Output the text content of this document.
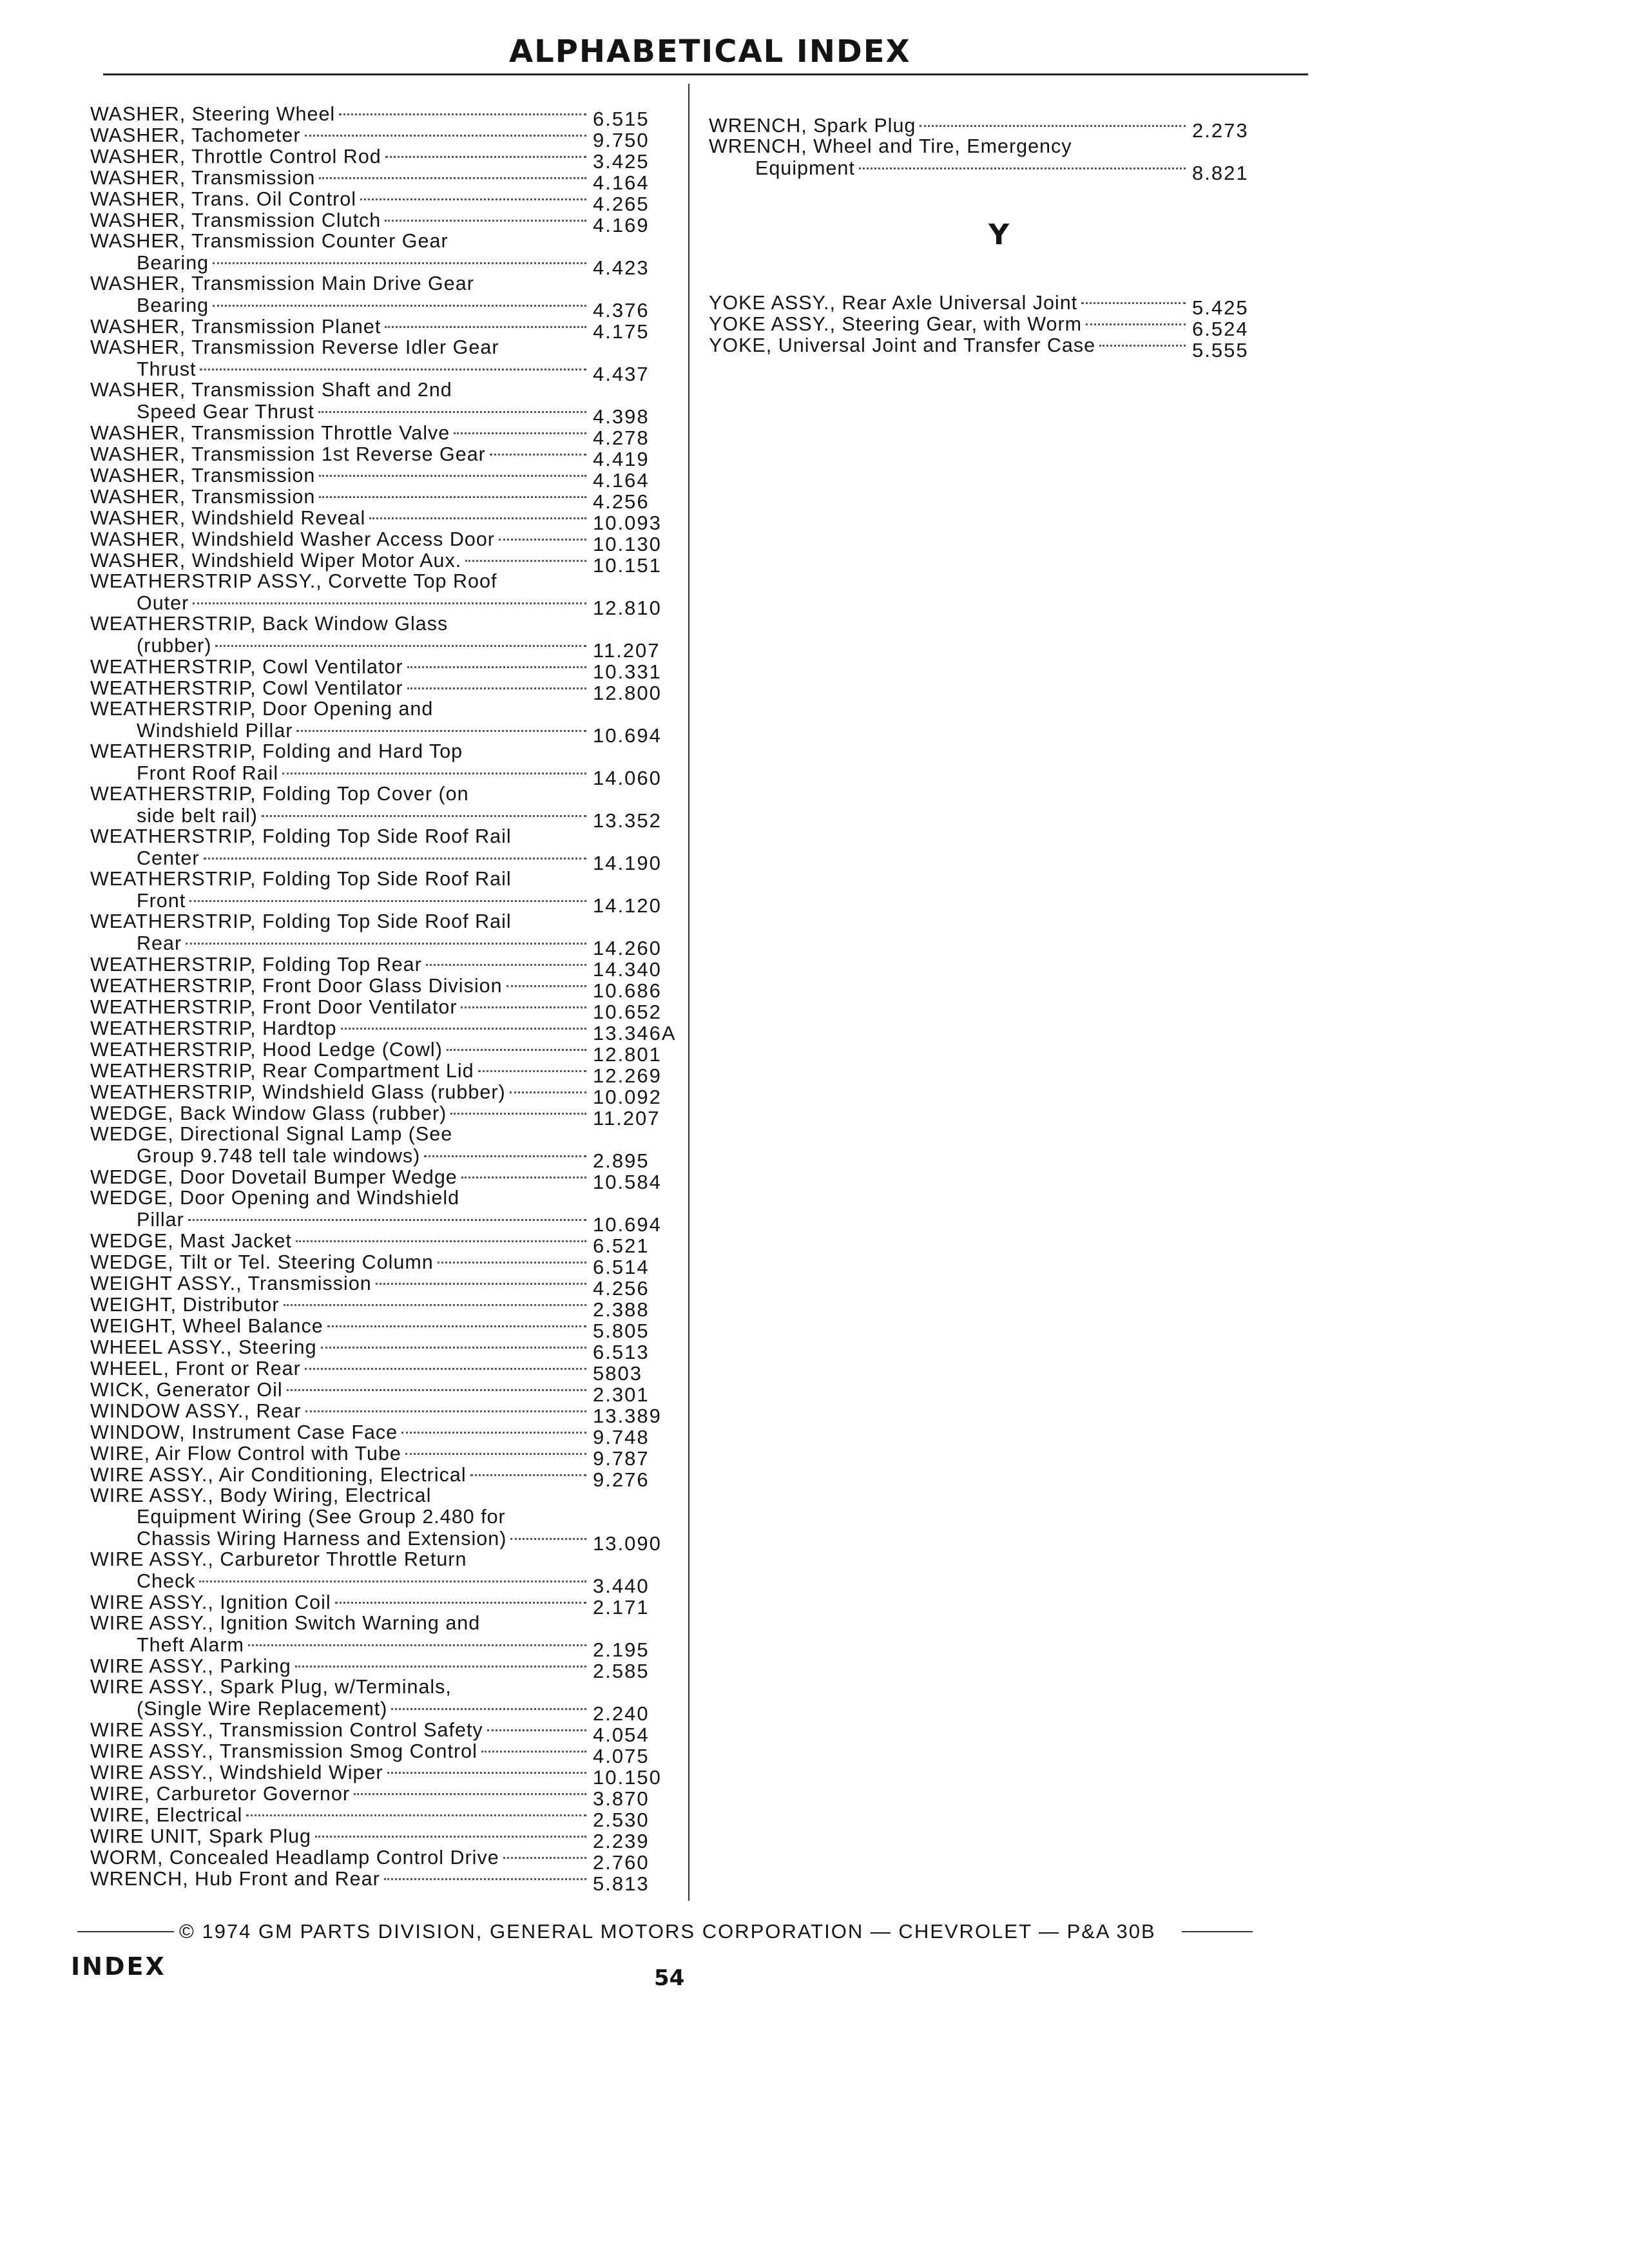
ALPHABETICAL INDEX
WASHER, Steering Wheel	6.515
WASHER, Tachometer	9.750
WASHER, Throttle Control Rod	3.425
WASHER, Transmission	4.164
WASHER, Trans. Oil Control	4.265
WASHER, Transmission Clutch	4.169
WASHER, Transmission Counter Gear
Bearing	4.423
WASHER, Transmission Main Drive Gear
Bearing	4.376
WASHER, Transmission Planet	4.175
WASHER, Transmission Reverse Idler Gear
Thrust	4.437
WASHER, Transmission Shaft and 2nd
Speed Gear Thrust	4.398
WASHER, Transmission Throttle Valve	4.278
WASHER, Transmission 1st Reverse Gear	4.419
WASHER, Transmission	4.164
WASHER, Transmission	4.256
WASHER, Windshield Reveal	10.093
WASHER, Windshield Washer Access Door	10.130
WASHER, Windshield Wiper Motor Aux.	10.151
WEATHERSTRIP ASSY., Corvette Top Roof
Outer	12.810
WEATHERSTRIP, Back Window Glass
(rubber)	11.207
WEATHERSTRIP, Cowl Ventilator	10.331
WEATHERSTRIP, Cowl Ventilator	12.800
WEATHERSTRIP, Door Opening and
Windshield Pillar	10.694
WEATHERSTRIP, Folding and Hard Top
Front Roof Rail	14.060
WEATHERSTRIP, Folding Top Cover (on
side belt rail)	13.352
WEATHERSTRIP, Folding Top Side Roof Rail
Center	14.190
WEATHERSTRIP, Folding Top Side Roof Rail
Front	14.120
WEATHERSTRIP, Folding Top Side Roof Rail
Rear	14.260
WEATHERSTRIP, Folding Top Rear	14.340
WEATHERSTRIP, Front Door Glass Division	10.686
WEATHERSTRIP, Front Door Ventilator	10.652
WEATHERSTRIP, Hardtop	13.346A
WEATHERSTRIP, Hood Ledge (Cowl)	12.801
WEATHERSTRIP, Rear Compartment Lid	12.269
WEATHERSTRIP, Windshield Glass (rubber)	10.092
WEDGE, Back Window Glass (rubber)	11.207
WEDGE, Directional Signal Lamp (See
Group 9.748 tell tale windows)	2.895
WEDGE, Door Dovetail Bumper Wedge	10.584
WEDGE, Door Opening and Windshield
Pillar	10.694
WEDGE, Mast Jacket	6.521
WEDGE, Tilt or Tel. Steering Column	6.514
WEIGHT ASSY., Transmission	4.256
WEIGHT, Distributor	2.388
WEIGHT, Wheel Balance	5.805
WHEEL ASSY., Steering	6.513
WHEEL, Front or Rear	5803
WICK, Generator Oil	2.301
WINDOW ASSY., Rear	13.389
WINDOW, Instrument Case Face	9.748
WIRE, Air Flow Control with Tube	9.787
WIRE ASSY., Air Conditioning, Electrical	9.276
WIRE ASSY., Body Wiring, Electrical
Equipment Wiring (See Group 2.480 for
Chassis Wiring Harness and Extension)	13.090
WIRE ASSY., Carburetor Throttle Return
Check	3.440
WIRE ASSY., Ignition Coil	2.171
WIRE ASSY., Ignition Switch Warning and
Theft Alarm	2.195
WIRE ASSY., Parking	2.585
WIRE ASSY., Spark Plug, w/Terminals,
(Single Wire Replacement)	2.240
WIRE ASSY., Transmission Control Safety	4.054
WIRE ASSY., Transmission Smog Control	4.075
WIRE ASSY., Windshield Wiper	10.150
WIRE, Carburetor Governor	3.870
WIRE, Electrical	2.530
WIRE UNIT, Spark Plug	2.239
WORM, Concealed Headlamp Control Drive	2.760
WRENCH, Hub Front and Rear	5.813
WRENCH, Spark Plug	2.273
WRENCH, Wheel and Tire, Emergency
Equipment	8.821
Y
YOKE ASSY., Rear Axle Universal Joint	5.425
YOKE ASSY., Steering Gear, with Worm	6.524
YOKE, Universal Joint and Transfer Case	5.555
© 1974 GM PARTS DIVISION, GENERAL MOTORS CORPORATION — CHEVROLET — P&A 30B
INDEX	54
